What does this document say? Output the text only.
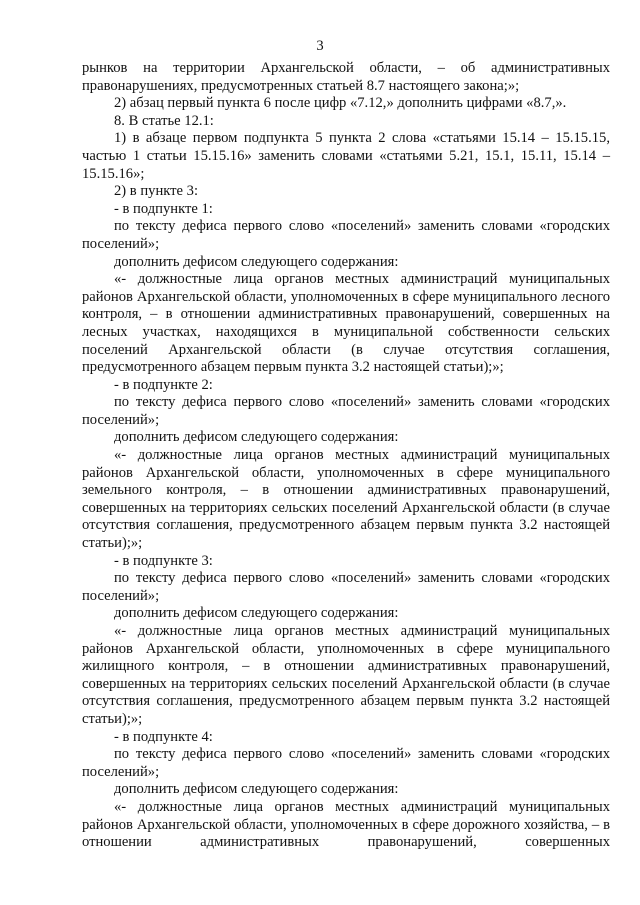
3

рынков на территории Архангельской области, – об административных правонарушениях, предусмотренных статьей 8.7 настоящего закона;»;

2) абзац первый пункта 6 после цифр «7.12,» дополнить цифрами «8.7,».

8. В статье 12.1:

1) в абзаце первом подпункта 5 пункта 2 слова «статьями 15.14 – 15.15.15, частью 1 статьи 15.15.16» заменить словами «статьями 5.21, 15.1, 15.11, 15.14 – 15.15.16»;

2) в пункте 3:

- в подпункте 1:

по тексту дефиса первого слово «поселений» заменить словами «городских поселений»;

дополнить дефисом следующего содержания:

«- должностные лица органов местных администраций муниципальных районов Архангельской области, уполномоченных в сфере муниципального лесного контроля, – в отношении административных правонарушений, совершенных на лесных участках, находящихся в муниципальной собственности сельских поселений Архангельской области (в случае отсутствия соглашения, предусмотренного абзацем первым пункта 3.2 настоящей статьи);»;

- в подпункте 2:

по тексту дефиса первого слово «поселений» заменить словами «городских поселений»;

дополнить дефисом следующего содержания:

«- должностные лица органов местных администраций муниципальных районов Архангельской области, уполномоченных в сфере муниципального земельного контроля, – в отношении административных правонарушений, совершенных на территориях сельских поселений Архангельской области (в случае отсутствия соглашения, предусмотренного абзацем первым пункта 3.2 настоящей статьи);»;

- в подпункте 3:

по тексту дефиса первого слово «поселений» заменить словами «городских поселений»;

дополнить дефисом следующего содержания:

«- должностные лица органов местных администраций муниципальных районов Архангельской области, уполномоченных в сфере муниципального жилищного контроля, – в отношении административных правонарушений, совершенных на территориях сельских поселений Архангельской области (в случае отсутствия соглашения, предусмотренного абзацем первым пункта 3.2 настоящей статьи);»;

- в подпункте 4:

по тексту дефиса первого слово «поселений» заменить словами «городских поселений»;

дополнить дефисом следующего содержания:

«- должностные лица органов местных администраций муниципальных районов Архангельской области, уполномоченных в сфере дорожного хозяйства, – в отношении административных правонарушений, совершенных
